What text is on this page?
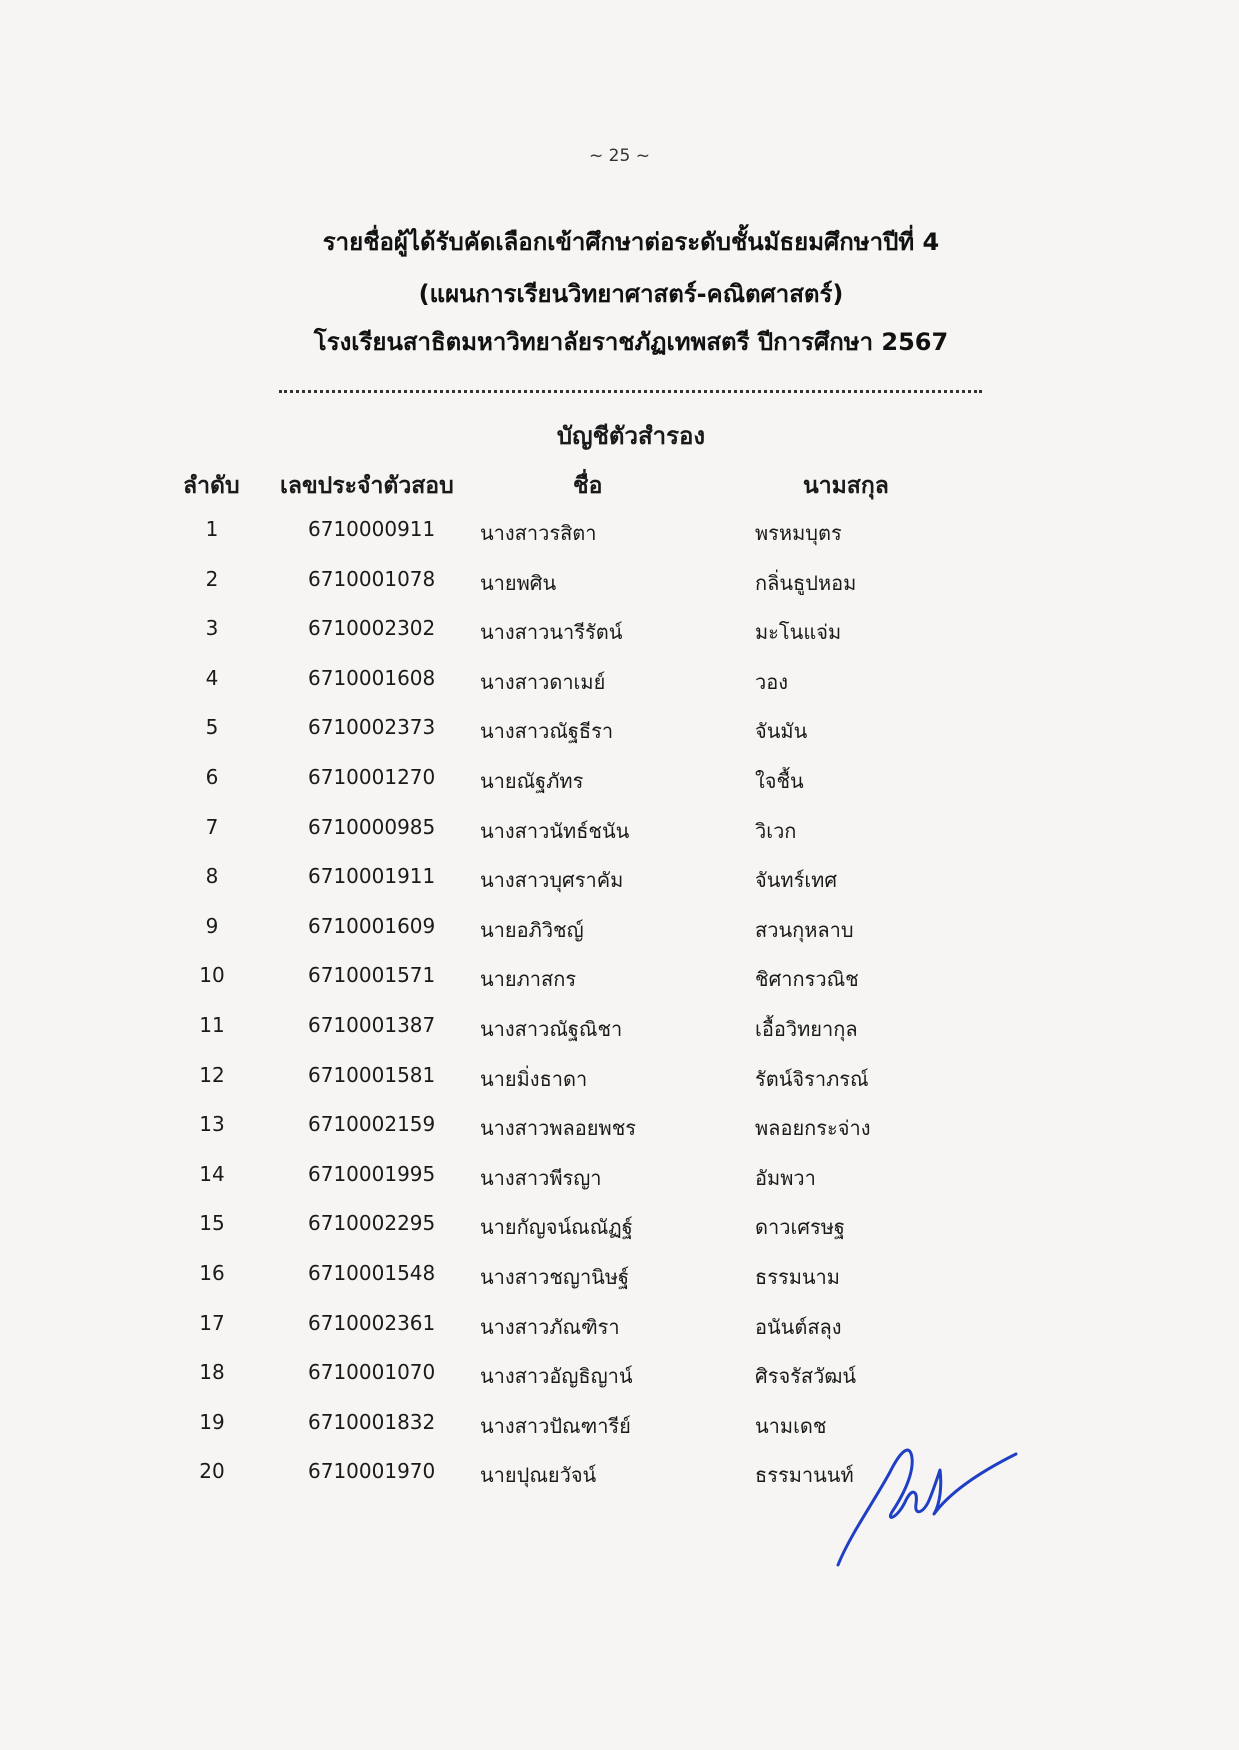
~ 25 ~
รายชื่อผู้ได้รับคัดเลือกเข้าศึกษาต่อระดับชั้นมัธยมศึกษาปีที่ 4
(แผนการเรียนวิทยาศาสตร์-คณิตศาสตร์)
โรงเรียนสาธิตมหาวิทยาลัยราชภัฏเทพสตรี ปีการศึกษา 2567
บัญชีตัวสำรอง
ลำดับ เลขประจำตัวสอบ	ชื่อ	นามสกุล
1	6710000911 นางสาวรสิตา	พรหมบุตร
2	6710001078 นายพศิน	กลิ่นธูปหอม
3	6710002302 นางสาวนารีรัตน์	มะโนแจ่ม
4	6710001608 นางสาวดาเมย์	วอง
5	6710002373 นางสาวณัฐธีรา	จันมัน
6	6710001270 นายณัฐภัทร	ใจชื้น
7	6710000985 นางสาวนัทธ์ชนัน	วิเวก
8	6710001911 นางสาวบุศราคัม	จันทร์เทศ
9	6710001609 นายอภิวิชญ์	สวนกุหลาบ
10	6710001571 นายภาสกร	ชิศากรวณิช
11	6710001387 นางสาวณัฐณิชา	เอื้อวิทยากุล
12	6710001581 นายมิ่งธาดา	รัตน์จิราภรณ์
13	6710002159 นางสาวพลอยพชร	พลอยกระจ่าง
14	6710001995 นางสาวพีรญา	อัมพวา
15	6710002295 นายกัญจน์ณณัฏฐ์	ดาวเศรษฐ
16	6710001548 นางสาวชญานิษฐ์	ธรรมนาม
17	6710002361 นางสาวภัณฑิรา	อนันต์สลุง
18	6710001070 นางสาวอัญธิญาน์	ศิรจรัสวัฒน์
19	6710001832 นางสาวปัณฑารีย์	นามเดช
20	6710001970 นายปุณยวัจน์	ธรรมานนท์
